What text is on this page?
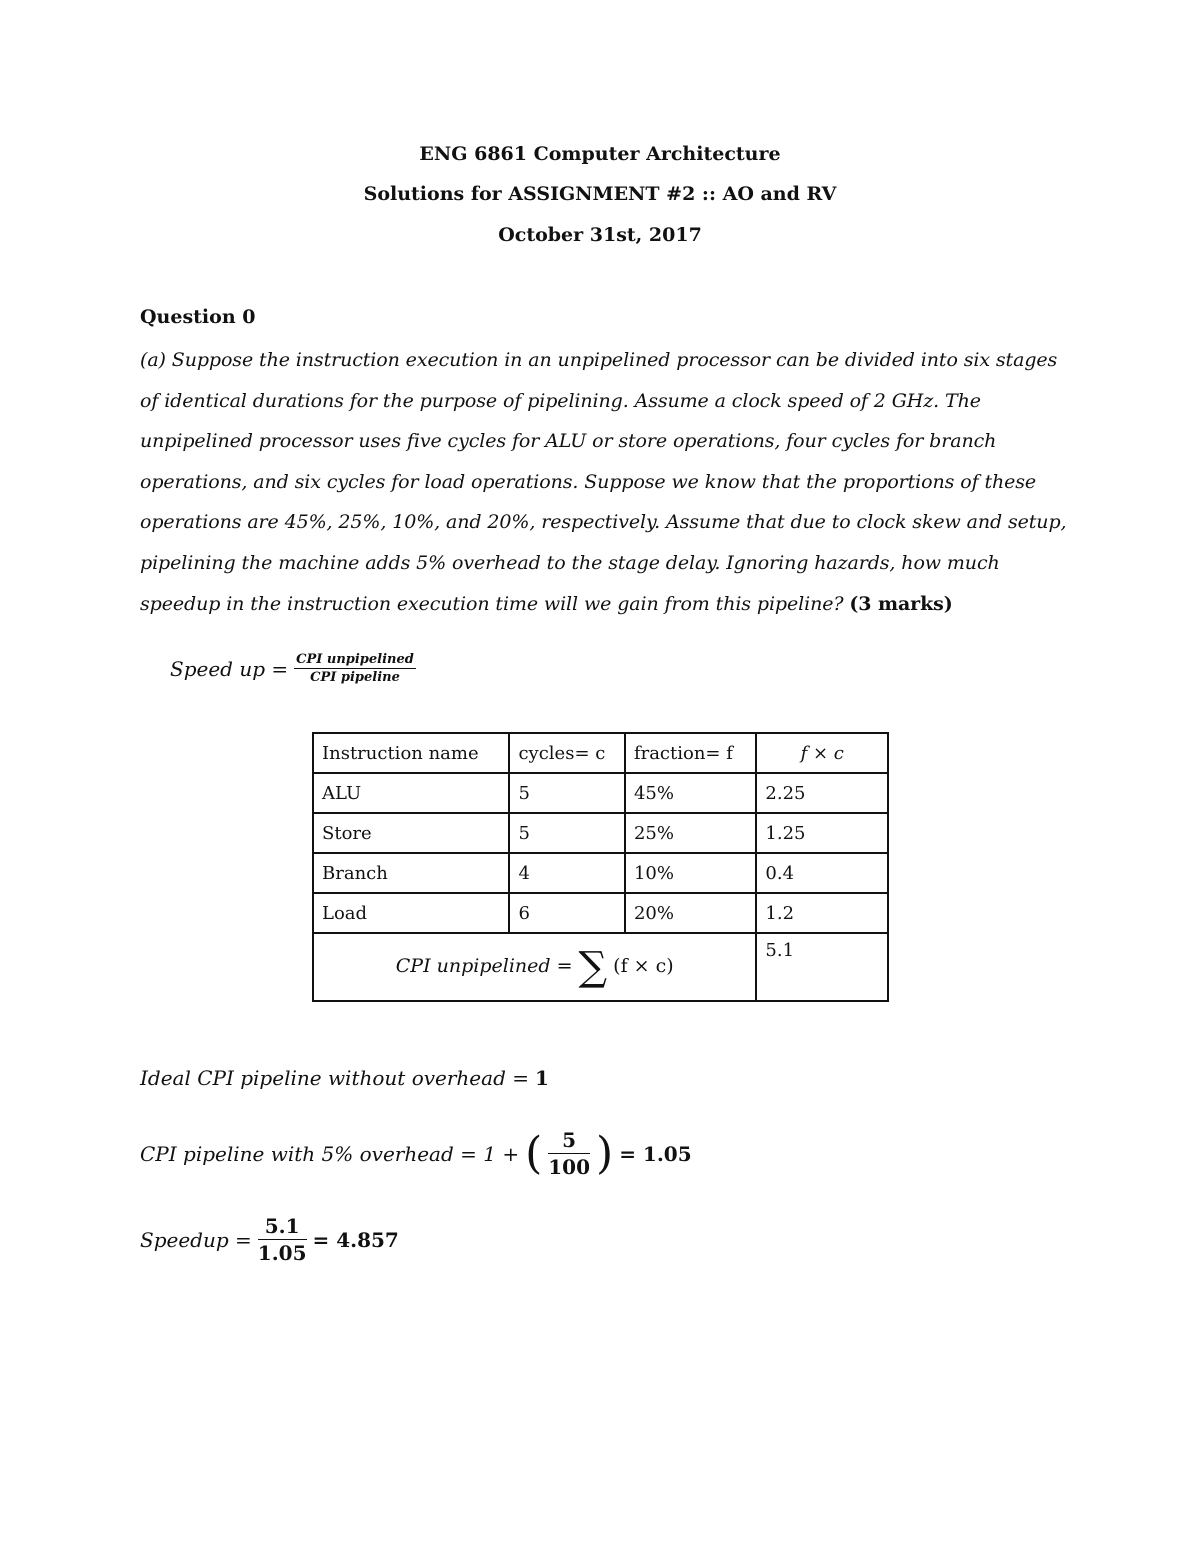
ENG 6861 Computer Architecture
Solutions for ASSIGNMENT #2 :: AO and RV
October 31st, 2017
Question 0
(a) Suppose the instruction execution in an unpipelined processor can be divided into six stages
of identical durations for the purpose of pipelining. Assume a clock speed of 2 GHz. The
unpipelined processor uses five cycles for ALU or store operations, four cycles for branch
operations, and six cycles for load operations. Suppose we know that the proportions of these
operations are 45%, 25%, 10%, and 20%, respectively. Assume that due to clock skew and setup,
pipelining the machine adds 5% overhead to the stage delay. Ignoring hazards, how much
speedup in the instruction execution time will we gain from this pipeline? (3 marks)
Speed up = $\frac{\text{CPI unpipelined}}{\text{CPI pipeline}}$
Instruction name	cycles= c	fraction= f	f × c
ALU	5	45%	2.25
Store	5	25%	1.25
Branch	4	10%	0.4
Load	6	20%	1.2
CPI unpipelined = ∑ (f × c)			5.1
Ideal CPI pipeline without overhead = 1
CPI pipeline with 5% overhead = 1 + ( $\frac{5}{100}$ ) = 1.05
Speedup = $\frac{5.1}{1.05} = 4.857$
